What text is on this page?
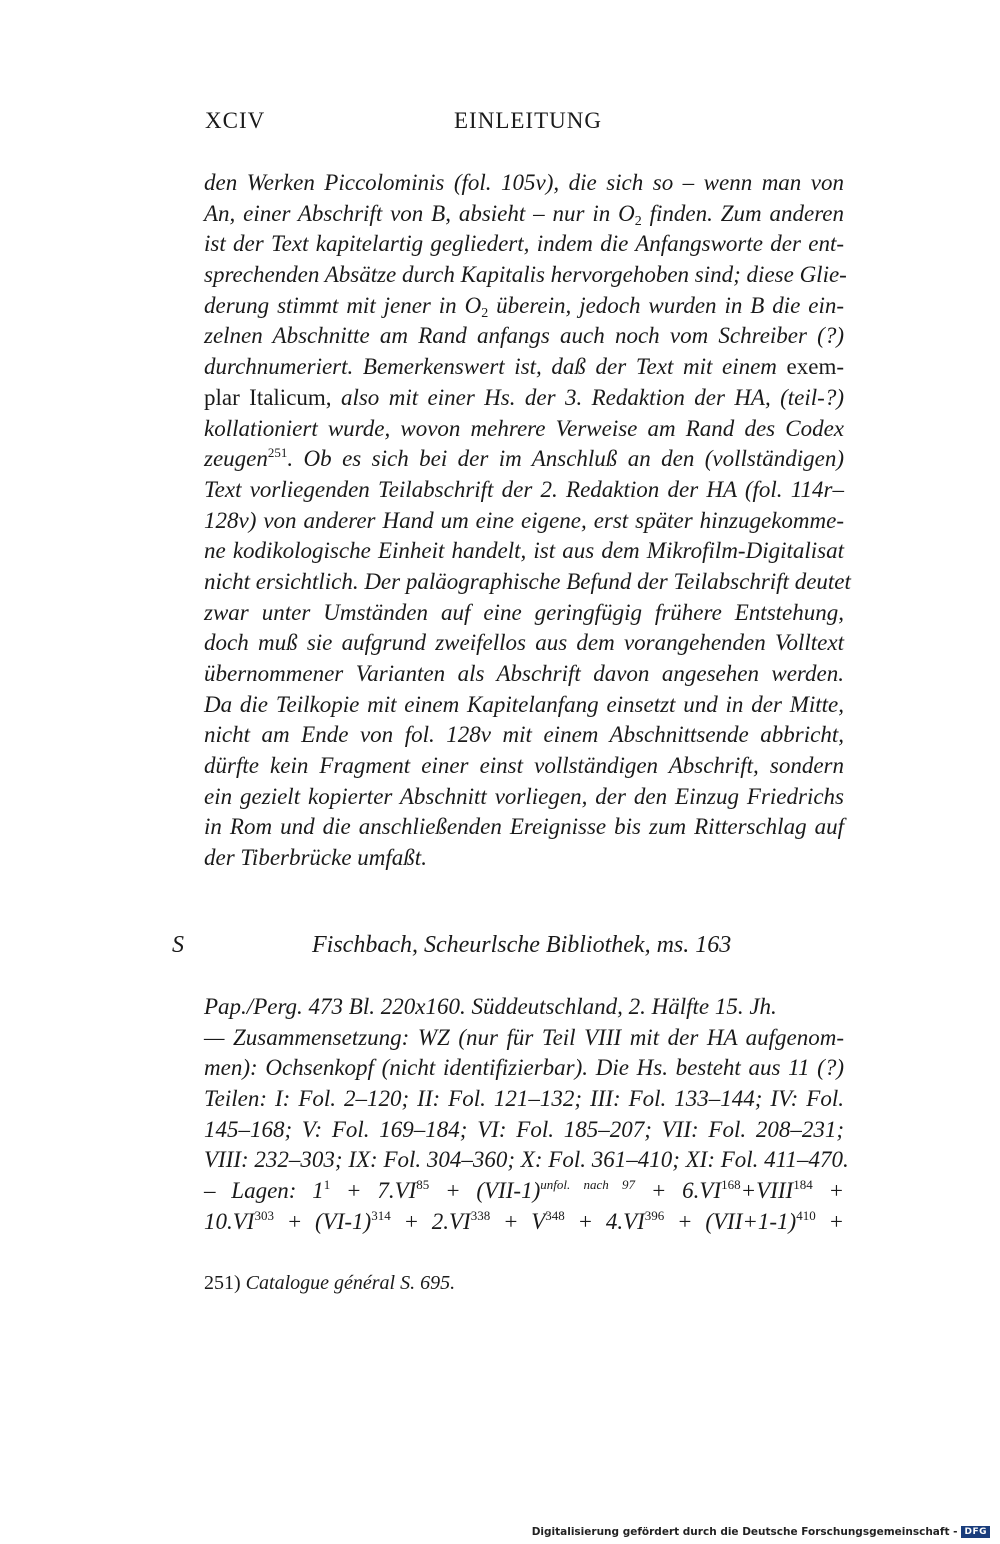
XCIV	EINLEITUNG
den Werken Piccolominis (fol. 105v), die sich so – wenn man von
An, einer Abschrift von B, absieht – nur in $O_2$ finden. Zum anderen
ist der Text kapitelartig gegliedert, indem die Anfangsworte der ent-
sprechenden Absätze durch Kapitalis hervorgehoben sind; diese Glie-
derung stimmt mit jener in $O_2$ überein, jedoch wurden in B die ein-
zelnen Abschnitte am Rand anfangs auch noch vom Schreiber (?)
durchnumeriert. Bemerkenswert ist, daß der Text mit einem exem-
plar Italicum, also mit einer Hs. der 3. Redaktion der HA, (teil-?)
kollationiert wurde, wovon mehrere Verweise am Rand des Codex
zeugen$^{251}$. Ob es sich bei der im Anschluß an den (vollständigen)
Text vorliegenden Teilabschrift der 2. Redaktion der HA (fol. 114r–
128v) von anderer Hand um eine eigene, erst später hinzugekomme-
ne kodikologische Einheit handelt, ist aus dem Mikrofilm-Digitalisat
nicht ersichtlich. Der paläographische Befund der Teilabschrift deutet
zwar unter Umständen auf eine geringfügig frühere Entstehung,
doch muß sie aufgrund zweifellos aus dem vorangehenden Volltext
übernommener Varianten als Abschrift davon angesehen werden.
Da die Teilkopie mit einem Kapitelanfang einsetzt und in der Mitte,
nicht am Ende von fol. 128v mit einem Abschnittsende abbricht,
dürfte kein Fragment einer einst vollständigen Abschrift, sondern
ein gezielt kopierter Abschnitt vorliegen, der den Einzug Friedrichs
in Rom und die anschließenden Ereignisse bis zum Ritterschlag auf
der Tiberbrücke umfaßt.
S	Fischbach, Scheurlsche Bibliothek, ms. 163
Pap./Perg. 473 Bl. 220x160. Süddeutschland, 2. Hälfte 15. Jh.
— Zusammensetzung: WZ (nur für Teil VIII mit der HA aufgenom-
men): Ochsenkopf (nicht identifizierbar). Die Hs. besteht aus 11 (?)
Teilen: I: Fol. 2–120; II: Fol. 121–132; III: Fol. 133–144; IV: Fol.
145–168; V: Fol. 169–184; VI: Fol. 185–207; VII: Fol. 208–231;
VIII: 232–303; IX: Fol. 304–360; X: Fol. 361–410; XI: Fol. 411–470.
– Lagen: $1^1 + 7.VI^{85} + (VII-1)^{unfol. nach 97}$ + $6.VI^{168}+VIII^{184}$ +
$10.VI^{303} + (VI-1)^{314} + 2.VI^{338} + V^{348} + 4.VI^{396} + (VII+1-1)^{410}$ +
251) Catalogue général S. 695.
Digitalisierung gefördert durch die Deutsche Forschungsgemeinschaft - DFG
